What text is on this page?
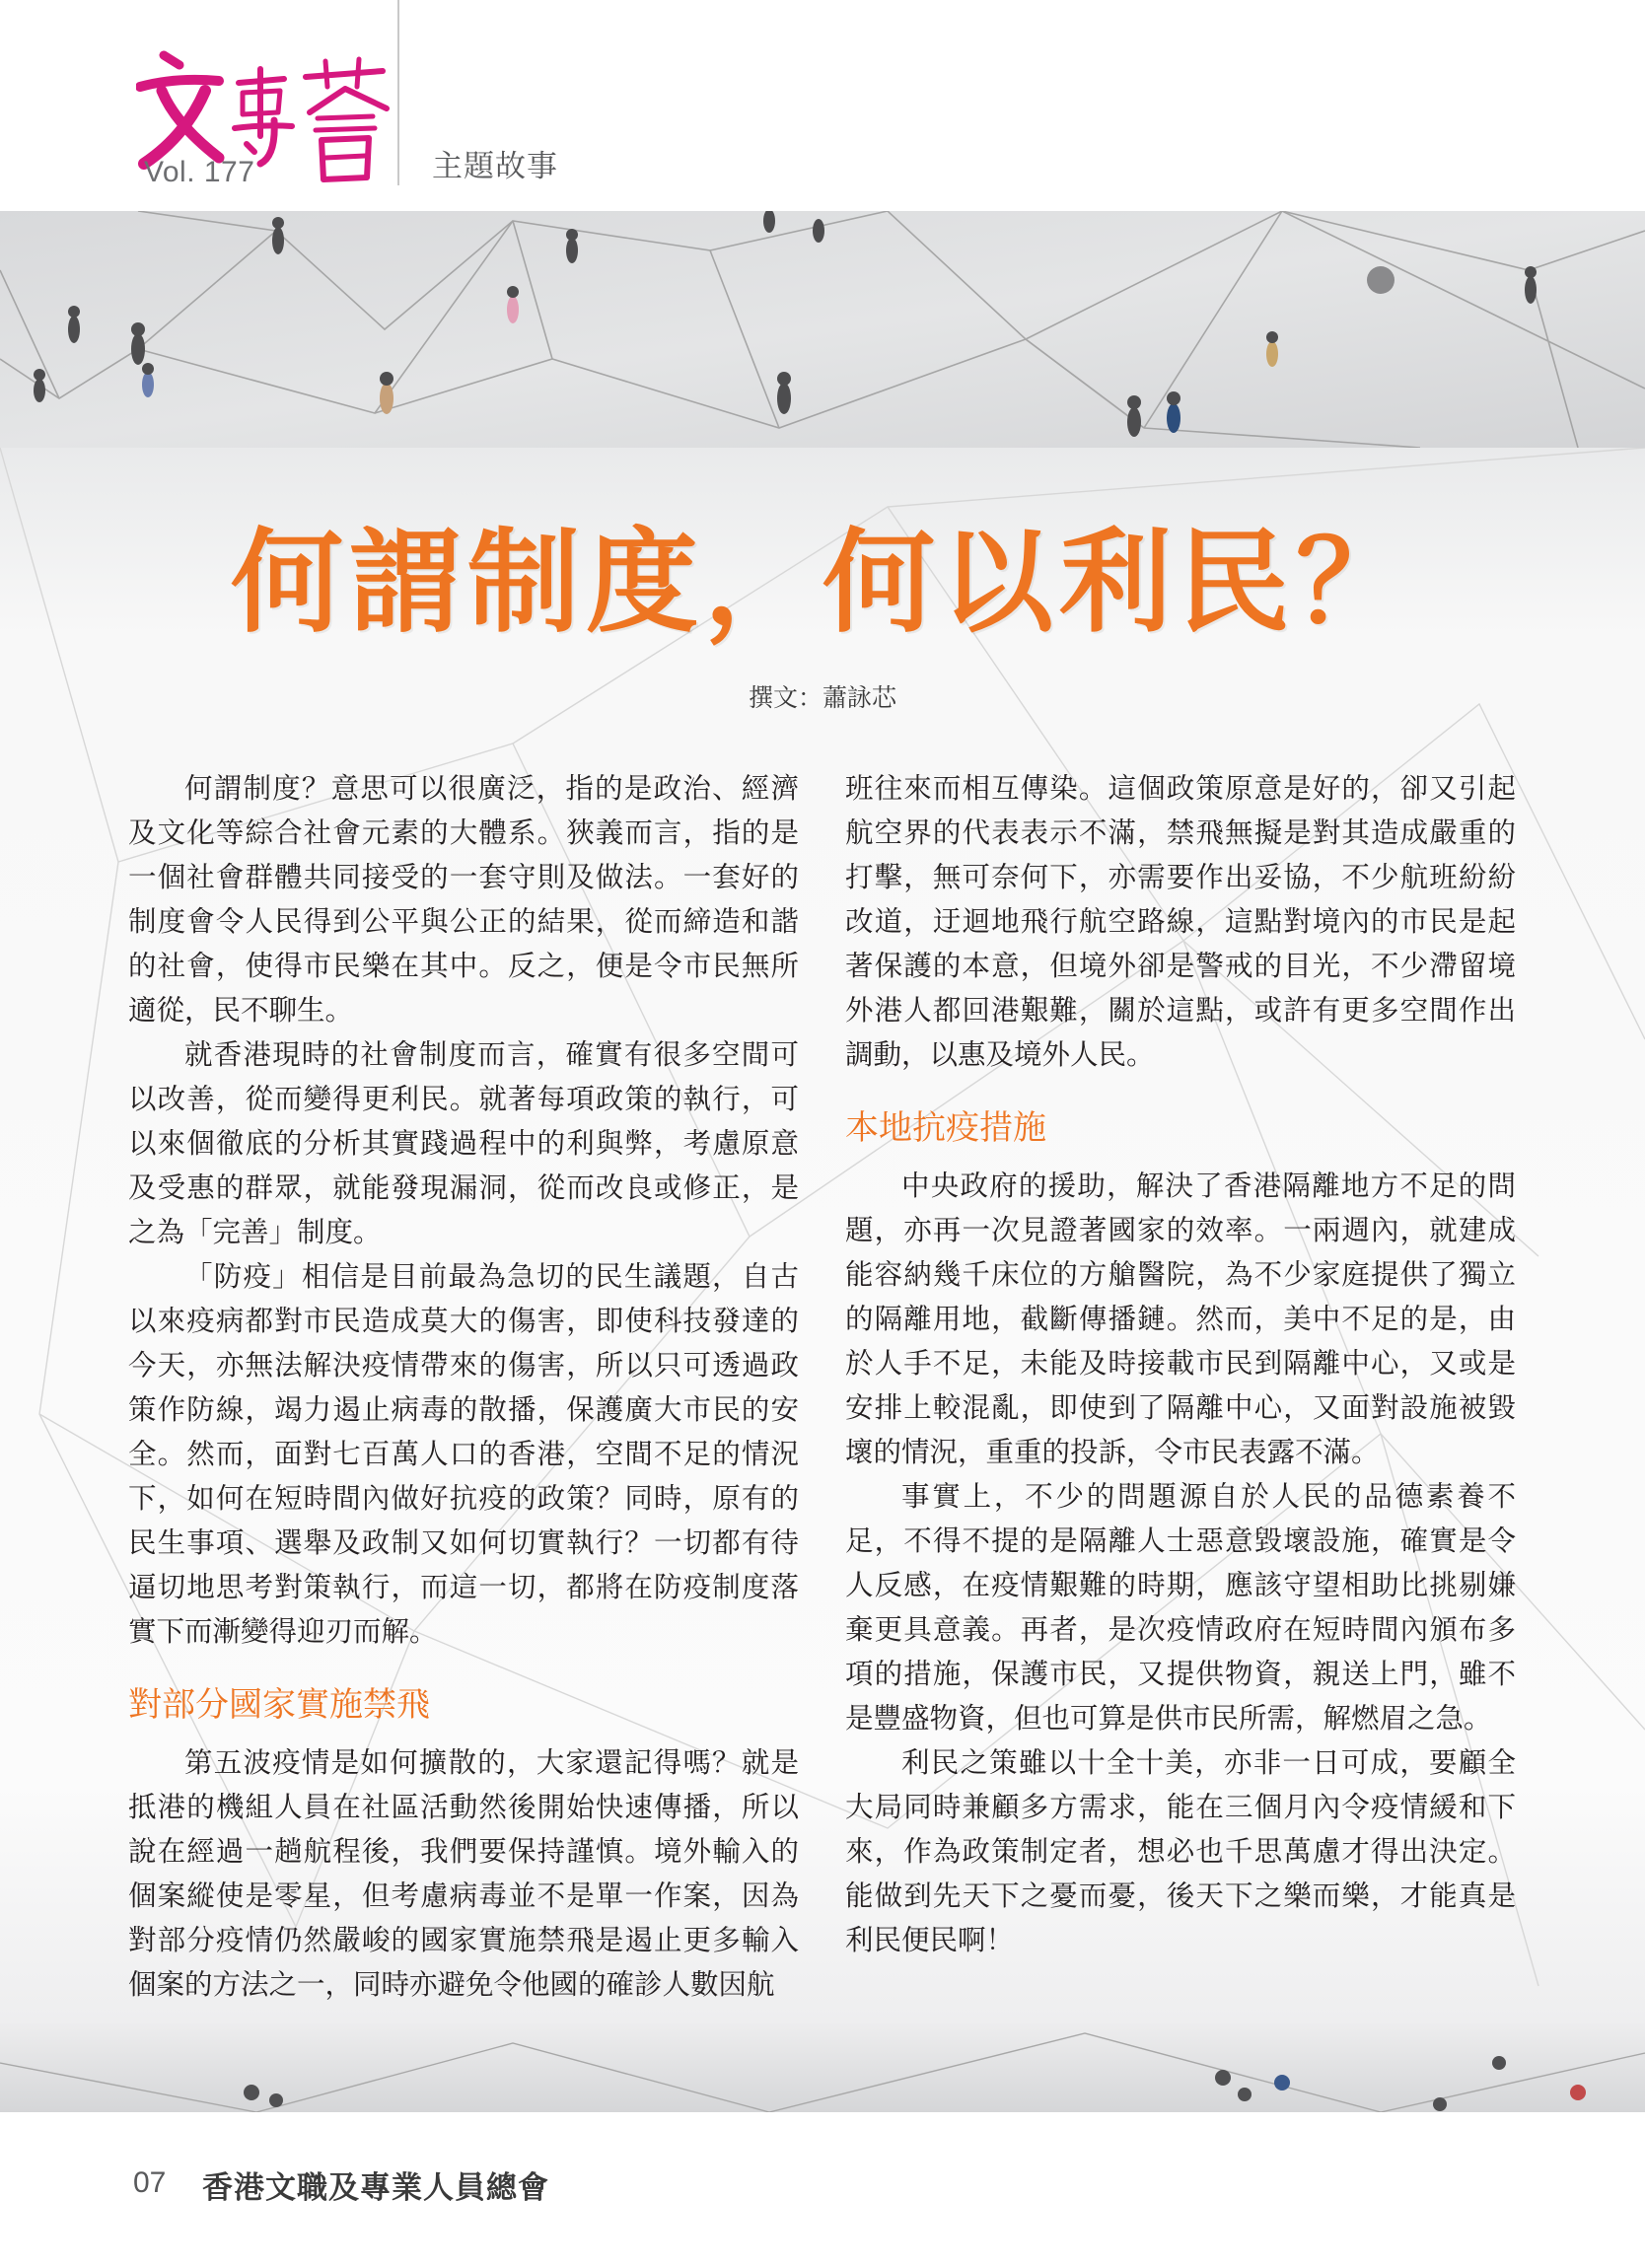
Vol. 177	主題故事
何謂制度，何以利民？
撰文：蕭詠芯

何謂制度？意思可以很廣泛，指的是政治、經濟及文化等綜合社會元素的大體系。狹義而言，指的是一個社會群體共同接受的一套守則及做法。一套好的制度會令人民得到公平與公正的結果，從而締造和諧的社會，使得市民樂在其中。反之，便是令市民無所適從，民不聊生。

就香港現時的社會制度而言，確實有很多空間可以改善，從而變得更利民。就著每項政策的執行，可以來個徹底的分析其實踐過程中的利與弊，考慮原意及受惠的群眾，就能發現漏洞，從而改良或修正，是之為「完善」制度。

「防疫」相信是目前最為急切的民生議題，自古以來疫病都對市民造成莫大的傷害，即使科技發達的今天，亦無法解決疫情帶來的傷害，所以只可透過政策作防線，竭力遏止病毒的散播，保護廣大市民的安全。然而，面對七百萬人口的香港，空間不足的情況下，如何在短時間內做好抗疫的政策？同時，原有的民生事項、選舉及政制又如何切實執行？一切都有待逼切地思考對策執行，而這一切，都將在防疫制度落實下而漸變得迎刃而解。

對部分國家實施禁飛

第五波疫情是如何擴散的，大家還記得嗎？就是抵港的機組人員在社區活動然後開始快速傳播，所以說在經過一趟航程後，我們要保持謹慎。境外輸入的個案縱使是零星，但考慮病毒並不是單一作案，因為對部分疫情仍然嚴峻的國家實施禁飛是遏止更多輸入個案的方法之一，同時亦避免令他國的確診人數因航

班往來而相互傳染。這個政策原意是好的，卻又引起航空界的代表表示不滿，禁飛無擬是對其造成嚴重的打擊，無可奈何下，亦需要作出妥協，不少航班紛紛改道，迂迴地飛行航空路線，這點對境內的市民是起著保護的本意，但境外卻是警戒的目光，不少滯留境外港人都回港艱難，關於這點，或許有更多空間作出調動，以惠及境外人民。

本地抗疫措施

中央政府的援助，解決了香港隔離地方不足的問題，亦再一次見證著國家的效率。一兩週內，就建成能容納幾千床位的方艙醫院，為不少家庭提供了獨立的隔離用地，截斷傳播鏈。然而，美中不足的是，由於人手不足，未能及時接載市民到隔離中心，又或是安排上較混亂，即使到了隔離中心，又面對設施被毀壞的情況，重重的投訴，令市民表露不滿。

事實上，不少的問題源自於人民的品德素養不足，不得不提的是隔離人士惡意毀壞設施，確實是令人反感，在疫情艱難的時期，應該守望相助比挑剔嫌棄更具意義。再者，是次疫情政府在短時間內頒布多項的措施，保護市民，又提供物資，親送上門，雖不是豐盛物資，但也可算是供市民所需，解燃眉之急。

利民之策雖以十全十美，亦非一日可成，要顧全大局同時兼顧多方需求，能在三個月內令疫情緩和下來，作為政策制定者，想必也千思萬慮才得出決定。能做到先天下之憂而憂，後天下之樂而樂，才能真是利民便民啊！

07 香港文職及專業人員總會
